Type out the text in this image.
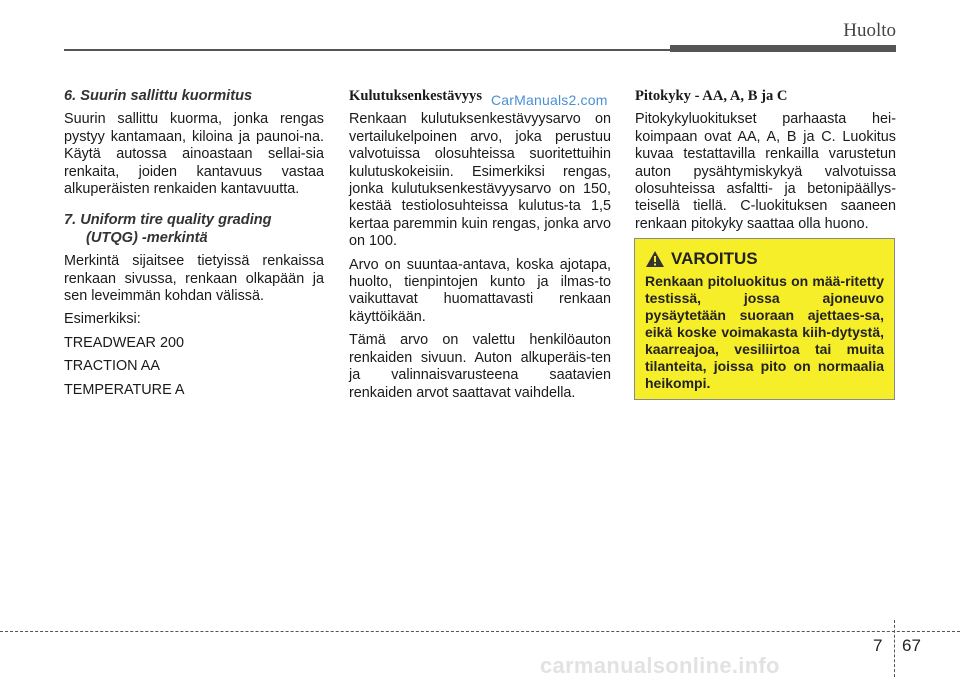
Huolto

6. Suurin sallittu kuormitus

Suurin sallittu kuorma, jonka rengas pystyy kantamaan, kiloina ja paunoi-na. Käytä autossa ainoastaan sellai-sia renkaita, joiden kantavuus vastaa alkuperäisten renkaiden kantavuutta.

7. Uniform tire quality grading
(UTQG) -merkintä

Merkintä sijaitsee tietyissä renkaissa renkaan sivussa, renkaan olkapään ja sen leveimmän kohdan välissä.

Esimerkiksi:

TREADWEAR 200

TRACTION AA

TEMPERATURE A

Kulutuksenkestävyys

Renkaan kulutuksenkestävyysarvo on vertailukelpoinen arvo, joka perustuu valvotuissa olosuhteissa suoritettuihin kulutuskokeisiin. Esimerkiksi rengas, jonka kulutuksenkestävyysarvo on 150, kestää testiolosuhteissa kulutus-ta 1,5 kertaa paremmin kuin rengas, jonka arvo on 100.

Arvo on suuntaa-antava, koska ajotapa, huolto, tienpintojen kunto ja ilmas-to vaikuttavat huomattavasti renkaan käyttöikään.

Tämä arvo on valettu henkilöauton renkaiden sivuun. Auton alkuperäis-ten ja valinnaisvarusteena saatavien renkaiden arvot saattavat vaihdella.

CarManuals2.com Pitokyky - AA, A, B ja C

Pitokykyluokitukset parhaasta hei-koimpaan ovat AA, A, B ja C. Luokitus kuvaa testattavilla renkailla varustetun auton pysähtymiskykyä valvotuissa olosuhteissa asfaltti- ja betonipäällys-teisellä tiellä. C-luokituksen saaneen renkaan pitokyky saattaa olla huono.

VAROITUS
Renkaan pitoluokitus on mää-ritetty testissä, jossa ajoneuvo pysäytetään suoraan ajettaes-sa, eikä koske voimakasta kiih-dytystä, kaarreajoa, vesiliirtoa tai muita tilanteita, joissa pito on normaalia heikompi.
7 67
carmanualsonline.info
